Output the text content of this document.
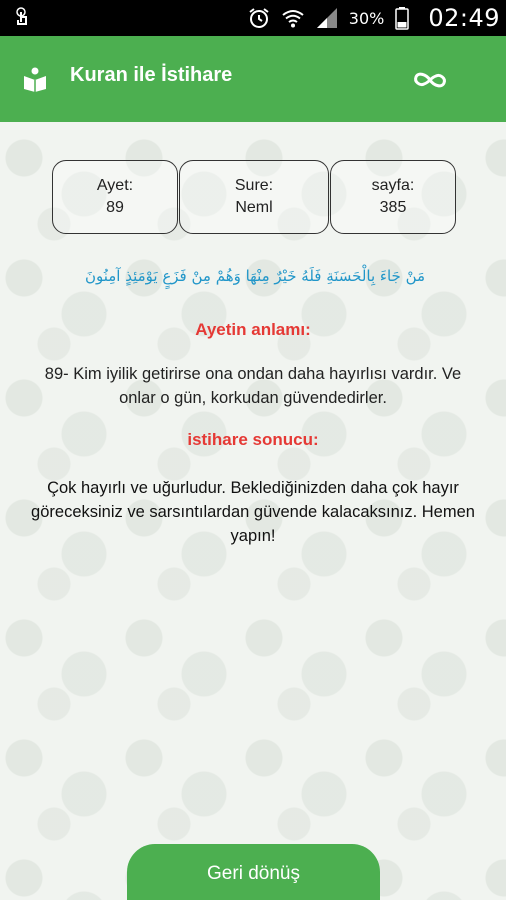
30% 02:49
Kuran ile İstihare
Ayet:
89
Sure:
Neml
sayfa:
385
مَنْ جَاءَ بِالْحَسَنَةِ فَلَهُ خَيْرٌ مِنْهَا وَهُمْ مِنْ فَزَعٍ يَوْمَئِذٍ آمِنُونَ
Ayetin anlamı:
89- Kim iyilik getirirse ona ondan daha hayırlısı vardır. Ve onlar o gün, korkudan güvendedirler.
istihare sonucu:
Çok hayırlı ve uğurludur. Beklediğinizden daha çok hayır göreceksiniz ve sarsıntılardan güvende kalacaksınız. Hemen yapın!
Geri dönüş
